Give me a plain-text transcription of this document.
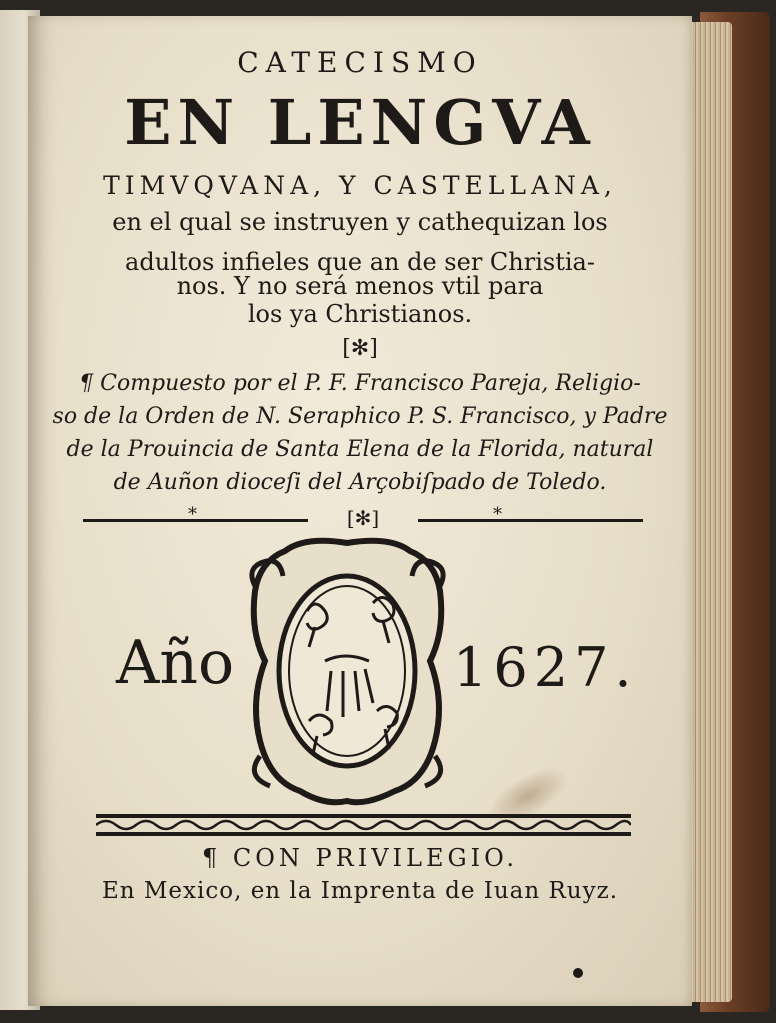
CATECISMO
EN LENGVA
TIMVQVANA, Y CASTELLANA,
en el qual se instruyen y cathequizan los
adultos infieles que an de ser Christia-
nos. Y no será menos vtil para
los ya Christianos.
[✻]
¶ Compuesto por el P. F. Francisco Pareja, Religio-
so de la Orden de N. Seraphico P. S. Francisco, y Padre
de la Prouincia de Santa Elena de la Florida, natural
de Auñon dioceſi del Arçobiſpado de Toledo.
*	[✻]	*
Año	1627.
¶ CON PRIVILEGIO.
En Mexico, en la Imprenta de Iuan Ruyz.
